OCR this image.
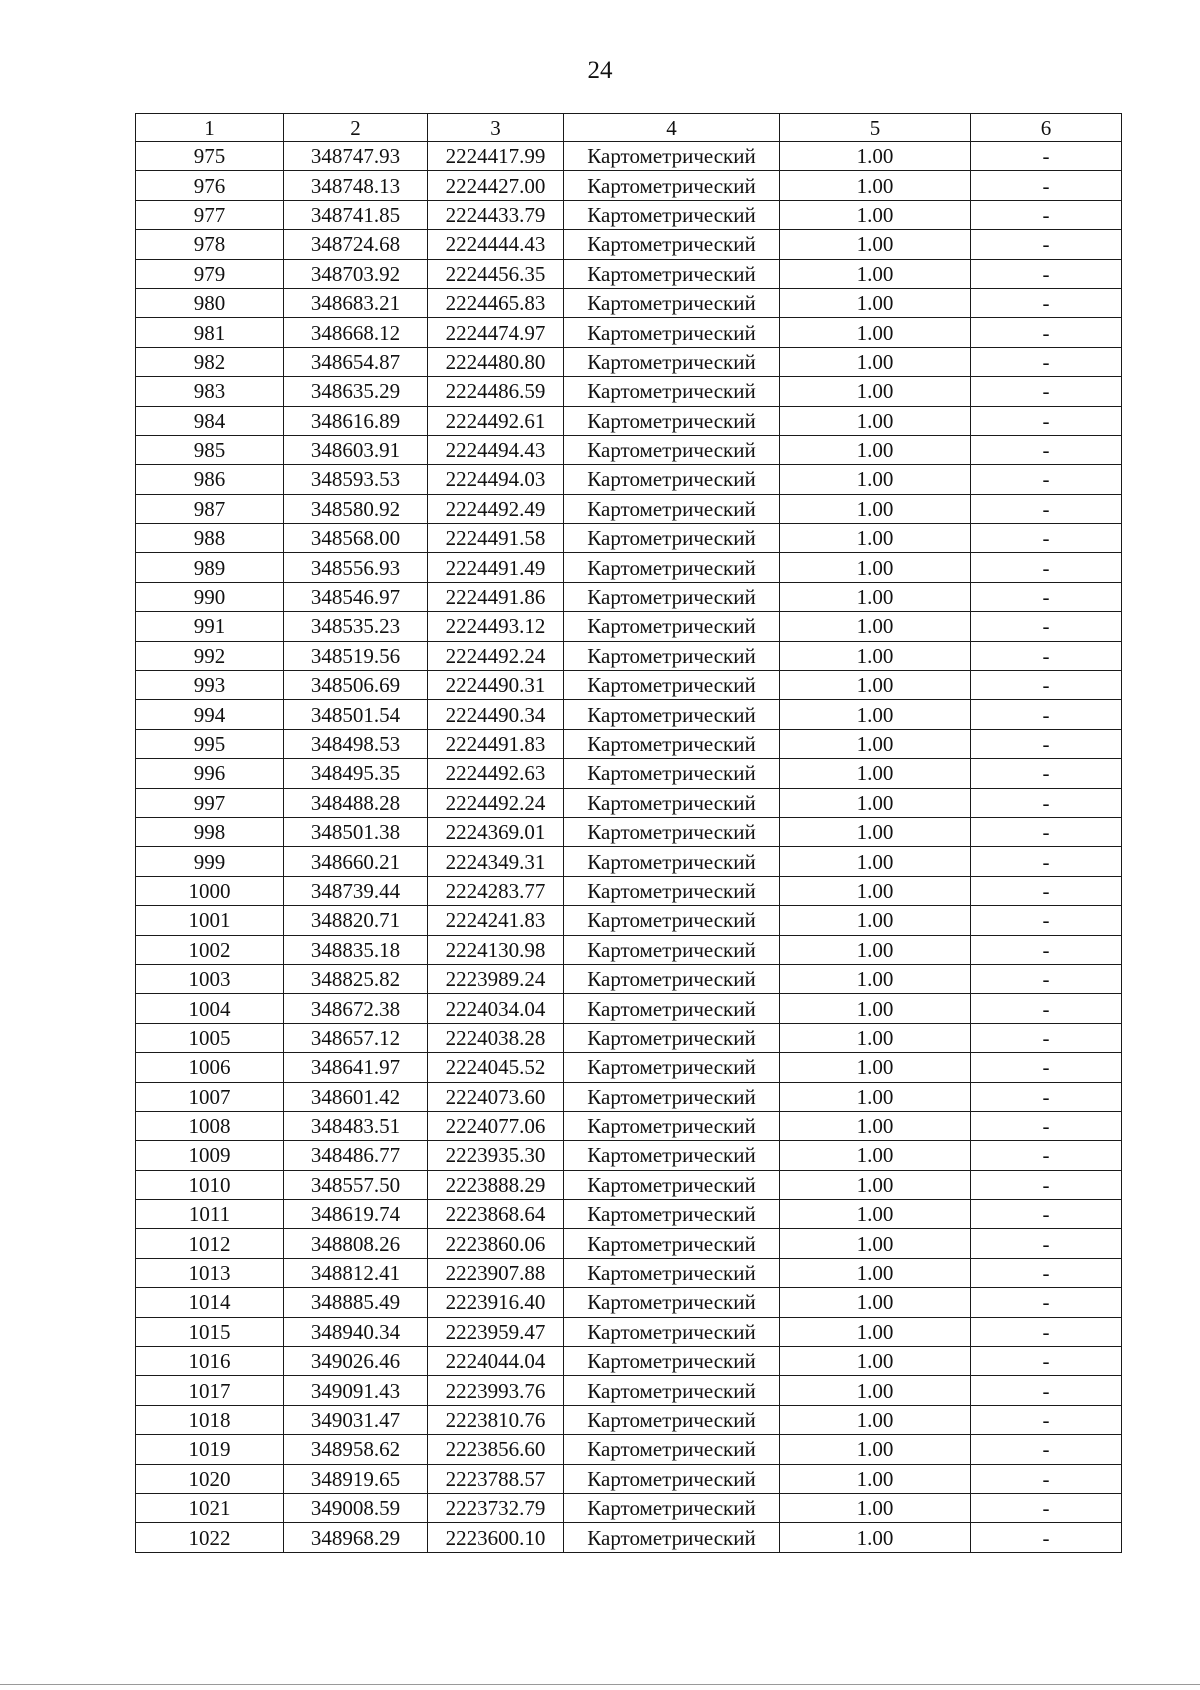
24
1	2	3	4	5	6
975	348747.93	2224417.99	Картометрический	1.00	-
976	348748.13	2224427.00	Картометрический	1.00	-
977	348741.85	2224433.79	Картометрический	1.00	-
978	348724.68	2224444.43	Картометрический	1.00	-
979	348703.92	2224456.35	Картометрический	1.00	-
980	348683.21	2224465.83	Картометрический	1.00	-
981	348668.12	2224474.97	Картометрический	1.00	-
982	348654.87	2224480.80	Картометрический	1.00	-
983	348635.29	2224486.59	Картометрический	1.00	-
984	348616.89	2224492.61	Картометрический	1.00	-
985	348603.91	2224494.43	Картометрический	1.00	-
986	348593.53	2224494.03	Картометрический	1.00	-
987	348580.92	2224492.49	Картометрический	1.00	-
988	348568.00	2224491.58	Картометрический	1.00	-
989	348556.93	2224491.49	Картометрический	1.00	-
990	348546.97	2224491.86	Картометрический	1.00	-
991	348535.23	2224493.12	Картометрический	1.00	-
992	348519.56	2224492.24	Картометрический	1.00	-
993	348506.69	2224490.31	Картометрический	1.00	-
994	348501.54	2224490.34	Картометрический	1.00	-
995	348498.53	2224491.83	Картометрический	1.00	-
996	348495.35	2224492.63	Картометрический	1.00	-
997	348488.28	2224492.24	Картометрический	1.00	-
998	348501.38	2224369.01	Картометрический	1.00	-
999	348660.21	2224349.31	Картометрический	1.00	-
1000	348739.44	2224283.77	Картометрический	1.00	-
1001	348820.71	2224241.83	Картометрический	1.00	-
1002	348835.18	2224130.98	Картометрический	1.00	-
1003	348825.82	2223989.24	Картометрический	1.00	-
1004	348672.38	2224034.04	Картометрический	1.00	-
1005	348657.12	2224038.28	Картометрический	1.00	-
1006	348641.97	2224045.52	Картометрический	1.00	-
1007	348601.42	2224073.60	Картометрический	1.00	-
1008	348483.51	2224077.06	Картометрический	1.00	-
1009	348486.77	2223935.30	Картометрический	1.00	-
1010	348557.50	2223888.29	Картометрический	1.00	-
1011	348619.74	2223868.64	Картометрический	1.00	-
1012	348808.26	2223860.06	Картометрический	1.00	-
1013	348812.41	2223907.88	Картометрический	1.00	-
1014	348885.49	2223916.40	Картометрический	1.00	-
1015	348940.34	2223959.47	Картометрический	1.00	-
1016	349026.46	2224044.04	Картометрический	1.00	-
1017	349091.43	2223993.76	Картометрический	1.00	-
1018	349031.47	2223810.76	Картометрический	1.00	-
1019	348958.62	2223856.60	Картометрический	1.00	-
1020	348919.65	2223788.57	Картометрический	1.00	-
1021	349008.59	2223732.79	Картометрический	1.00	-
1022	348968.29	2223600.10	Картометрический	1.00	-
